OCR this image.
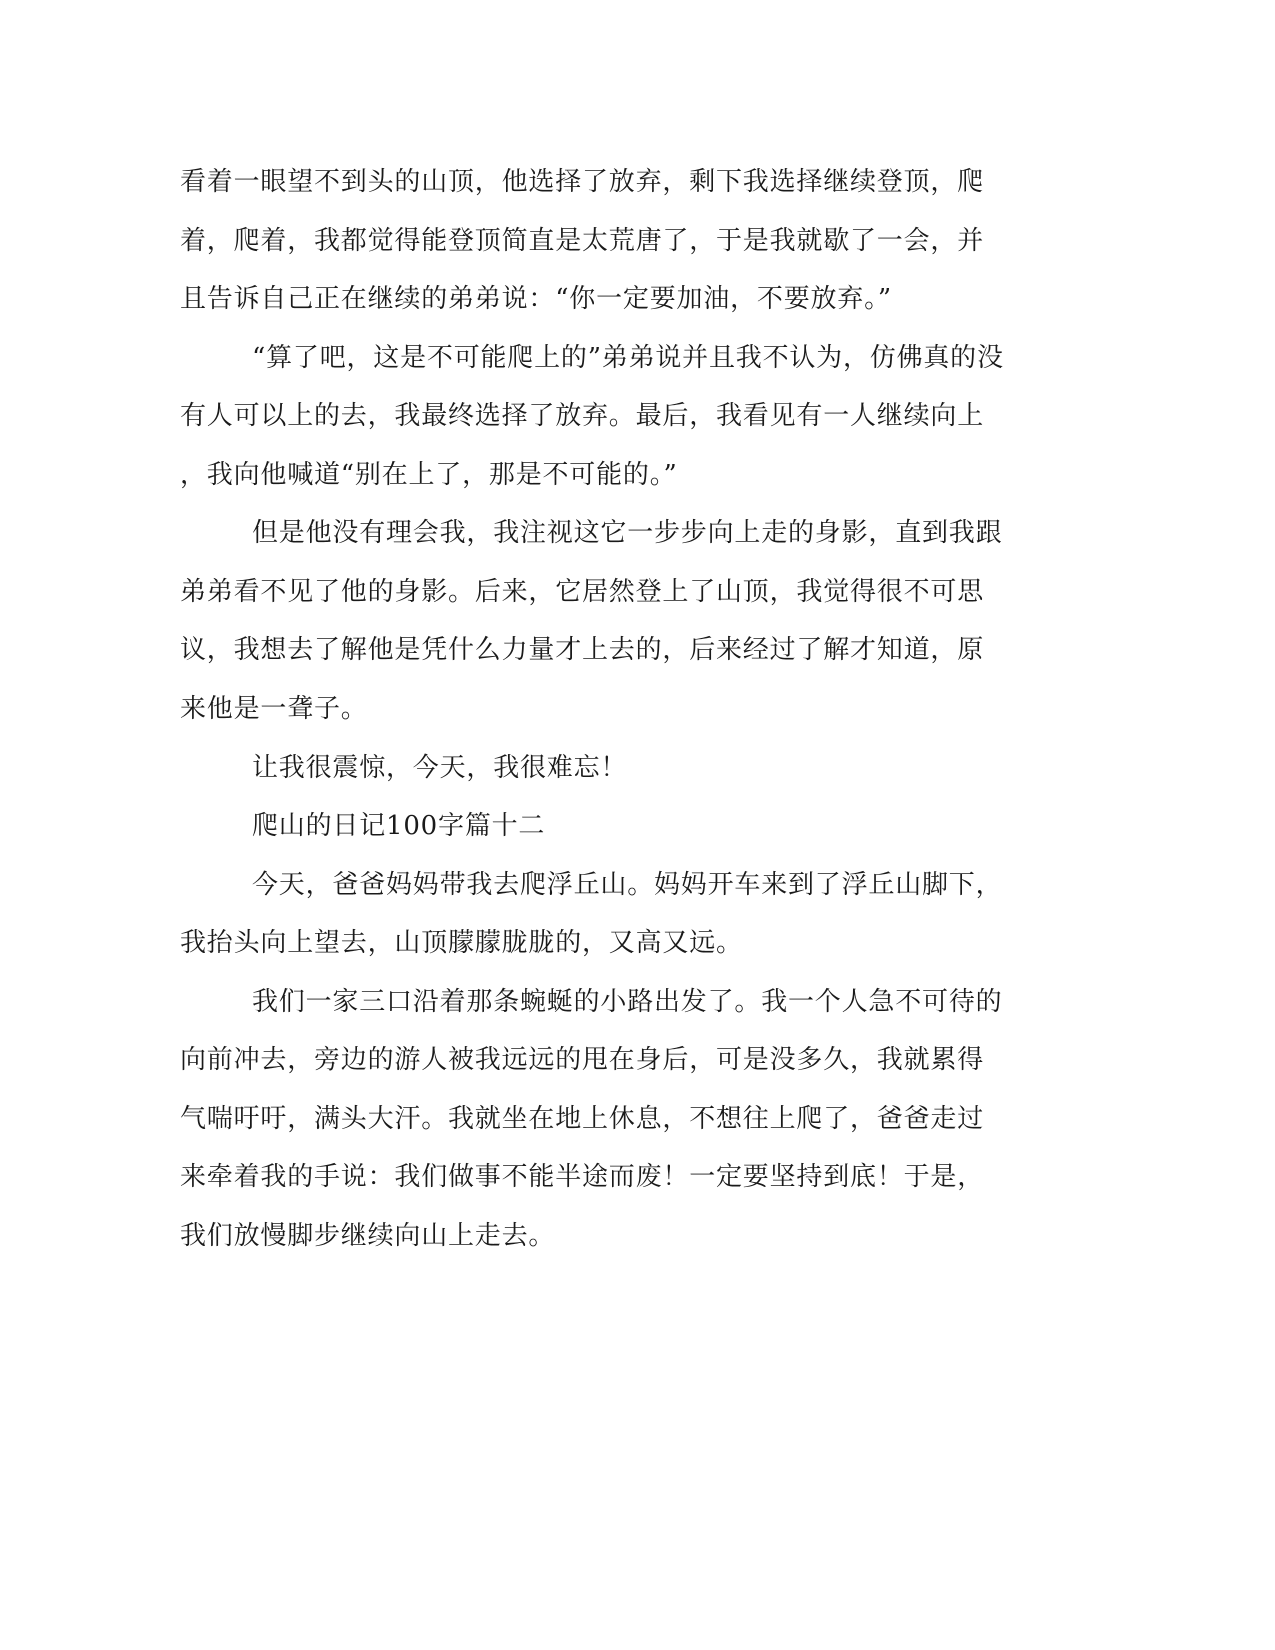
看着一眼望不到头的山顶，他选择了放弃，剩下我选择继续登顶，爬
着，爬着，我都觉得能登顶简直是太荒唐了，于是我就歇了一会，并
且告诉自己正在继续的弟弟说：“你一定要加油，不要放弃。”
“算了吧，这是不可能爬上的”弟弟说并且我不认为，仿佛真的没
有人可以上的去，我最终选择了放弃。最后，我看见有一人继续向上
，我向他喊道“别在上了，那是不可能的。”
但是他没有理会我，我注视这它一步步向上走的身影，直到我跟
弟弟看不见了他的身影。后来，它居然登上了山顶，我觉得很不可思
议，我想去了解他是凭什么力量才上去的，后来经过了解才知道，原
来他是一聋子。
让我很震惊，今天，我很难忘！
爬山的日记100字篇十二
今天，爸爸妈妈带我去爬浮丘山。妈妈开车来到了浮丘山脚下，
我抬头向上望去，山顶朦朦胧胧的，又高又远。
我们一家三口沿着那条蜿蜒的小路出发了。我一个人急不可待的
向前冲去，旁边的游人被我远远的甩在身后，可是没多久，我就累得
气喘吁吁，满头大汗。我就坐在地上休息，不想往上爬了，爸爸走过
来牵着我的手说：我们做事不能半途而废！一定要坚持到底！于是，
我们放慢脚步继续向山上走去。
